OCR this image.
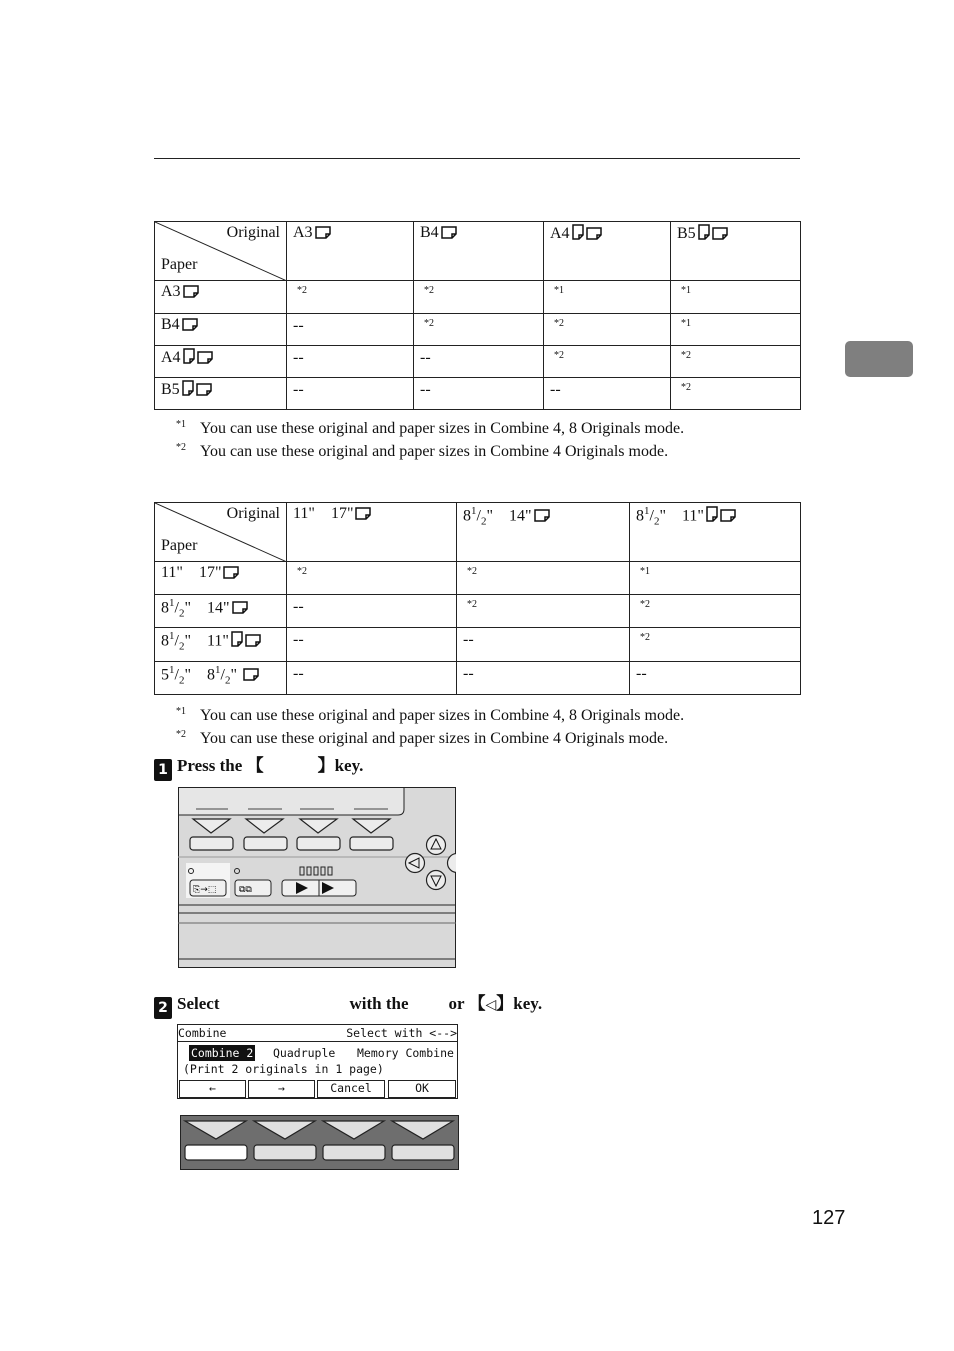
Original
Paper	A3	B4	A4	B5
A3	*2	*2	*1	*1
B4	--	*2	*2	*1
A4	--	--	*2	*2
B5	--	--	--	*2
$^{*1}$ You can use these original and paper sizes in Combine 4, 8 Originals mode.
$^{*2}$ You can use these original and paper sizes in Combine 4 Originals mode.
Original
Paper	11" 17"	$8^1/_2$" 14"	$8^1/_2$" 11"
11" 17"	*2	*2	*1
$8^1/_2$"    14"	--	*2	*2
$8^1/_2$"    11"	--	--	*2
$5^1/_2$"    $8^1/_2$"	--	--	--
$^{*1}$ You can use these original and paper sizes in Combine 4, 8 Originals mode.
$^{*2}$ You can use these original and paper sizes in Combine 4 Originals mode.
1 Press the 【	】key.
⎘→⬚	⧉⧉
2 Select	with the or 【◁】key.
Combine	Select with <-->
Combine 2 Quadruple Memory Combine
(Print 2 originals in 1 page)
←	→	Cancel	OK
127
